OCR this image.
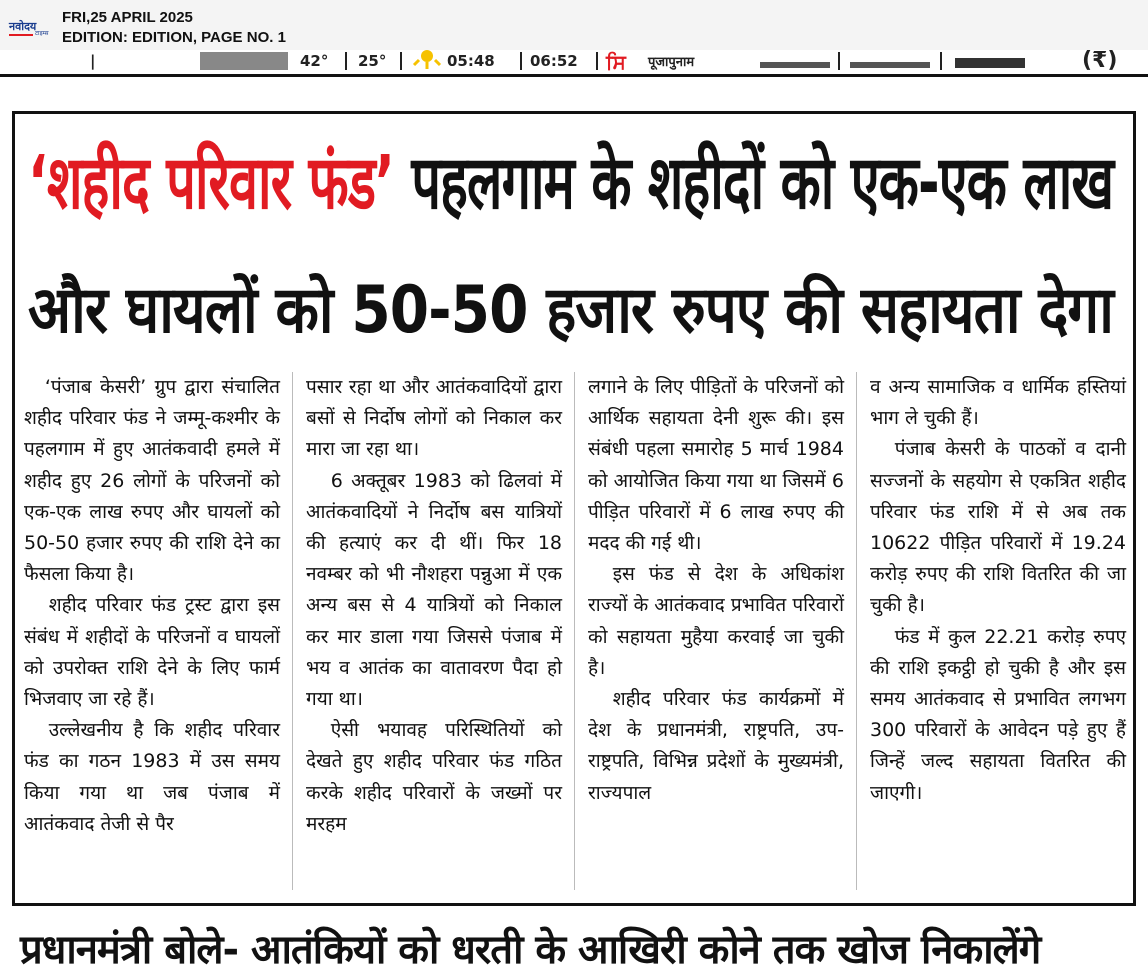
नवोदय
टाइम्स
FRI,25 APRIL 2025
EDITION: EDITION, PAGE NO. 1
|	42° 25°	05:48 06:52 ਸਿ पूजापुनाम	(₹)
‘शहीद परिवार फंड’ पहलगाम के शहीदों को एक-एक लाख
और घायलों को 50-50 हजार रुपए की सहायता देगा

‘पंजाब केसरी’ ग्रुप द्वारा संचालित शहीद परिवार फंड ने जम्मू-कश्मीर के पहलगाम में हुए आतंकवादी हमले में शहीद हुए 26 लोगों के परिजनों को एक-एक लाख रुपए और घायलों को 50-50 हजार रुपए की राशि देने का फैसला किया है।

शहीद परिवार फंड ट्रस्ट द्वारा इस संबंध में शहीदों के परिजनों व घायलों को उपरोक्त राशि देने के लिए फार्म भिजवाए जा रहे हैं।

उल्लेखनीय है कि शहीद परिवार फंड का गठन 1983 में उस समय किया गया था जब पंजाब में आतंकवाद तेजी से पैर

पसार रहा था और आतंकवादियों द्वारा बसों से निर्दोष लोगों को निकाल कर मारा जा रहा था।

6 अक्तूबर 1983 को ढिलवां में आतंकवादियों ने निर्दोष बस यात्रियों की हत्याएं कर दी थीं। फिर 18 नवम्बर को भी नौशहरा पन्नुआ में एक अन्य बस से 4 यात्रियों को निकाल कर मार डाला गया जिससे पंजाब में भय व आतंक का वातावरण पैदा हो गया था।

ऐसी भयावह परिस्थितियों को देखते हुए शहीद परिवार फंड गठित करके शहीद परिवारों के जख्मों पर मरहम

लगाने के लिए पीड़ितों के परिजनों को आर्थिक सहायता देनी शुरू की। इस संबंधी पहला समारोह 5 मार्च 1984 को आयोजित किया गया था जिसमें 6 पीड़ित परिवारों में 6 लाख रुपए की मदद की गई थी।

इस फंड से देश के अधिकांश राज्यों के आतंकवाद प्रभावित परिवारों को सहायता मुहैया करवाई जा चुकी है।

शहीद परिवार फंड कार्यक्रमों में देश के प्रधानमंत्री, राष्ट्रपति, उप-राष्ट्रपति, विभिन्न प्रदेशों के मुख्यमंत्री, राज्यपाल

व अन्य सामाजिक व धार्मिक हस्तियां भाग ले चुकी हैं।

पंजाब केसरी के पाठकों व दानी सज्जनों के सहयोग से एकत्रित शहीद परिवार फंड राशि में से अब तक 10622 पीड़ित परिवारों में 19.24 करोड़ रुपए की राशि वितरित की जा चुकी है।

फंड में कुल 22.21 करोड़ रुपए की राशि इकट्ठी हो चुकी है और इस समय आतंकवाद से प्रभावित लगभग 300 परिवारों के आवेदन पड़े हुए हैं जिन्हें जल्द सहायता वितरित की जाएगी।

प्रधानमंत्री बोले- आतंकियों को धरती के आखिरी कोने तक खोज निकालेंगे
